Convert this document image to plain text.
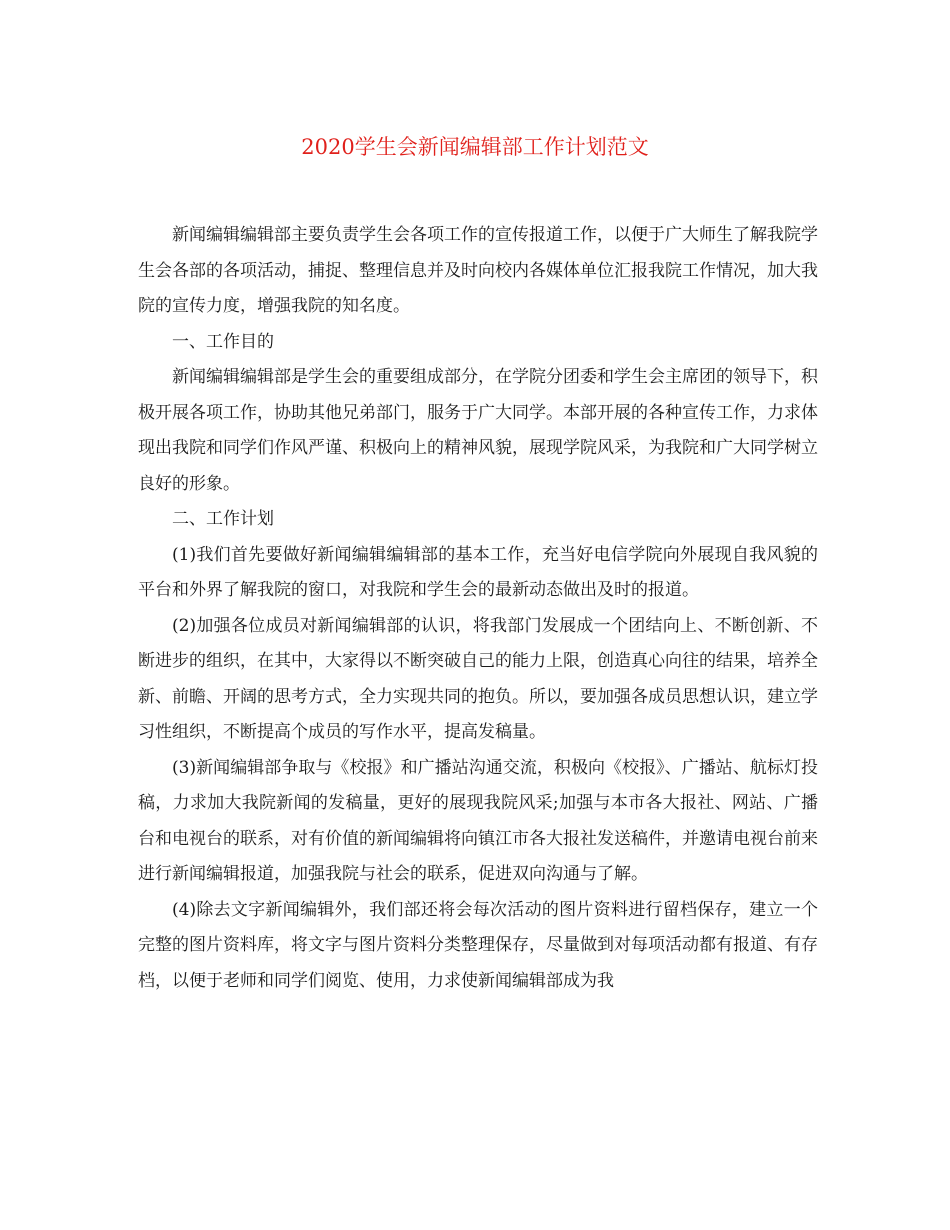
2020学生会新闻编辑部工作计划范文

新闻编辑编辑部主要负责学生会各项工作的宣传报道工作，以便于广大师生了解我院学生会各部的各项活动，捕捉、整理信息并及时向校内各媒体单位汇报我院工作情况，加大我院的宣传力度，增强我院的知名度。

一、工作目的

新闻编辑编辑部是学生会的重要组成部分，在学院分团委和学生会主席团的领导下，积极开展各项工作，协助其他兄弟部门，服务于广大同学。本部开展的各种宣传工作，力求体现出我院和同学们作风严谨、积极向上的精神风貌，展现学院风采，为我院和广大同学树立良好的形象。

二、工作计划

(1)我们首先要做好新闻编辑编辑部的基本工作，充当好电信学院向外展现自我风貌的平台和外界了解我院的窗口，对我院和学生会的最新动态做出及时的报道。

(2)加强各位成员对新闻编辑部的认识，将我部门发展成一个团结向上、不断创新、不断进步的组织，在其中，大家得以不断突破自己的能力上限，创造真心向往的结果，培养全新、前瞻、开阔的思考方式，全力实现共同的抱负。所以，要加强各成员思想认识，建立学习性组织，不断提高个成员的写作水平，提高发稿量。

(3)新闻编辑部争取与《校报》和广播站沟通交流，积极向《校报》、广播站、航标灯投稿，力求加大我院新闻的发稿量，更好的展现我院风采;加强与本市各大报社、网站、广播台和电视台的联系，对有价值的新闻编辑将向镇江市各大报社发送稿件，并邀请电视台前来进行新闻编辑报道，加强我院与社会的联系，促进双向沟通与了解。

(4)除去文字新闻编辑外，我们部还将会每次活动的图片资料进行留档保存，建立一个完整的图片资料库，将文字与图片资料分类整理保存，尽量做到对每项活动都有报道、有存档，以便于老师和同学们阅览、使用，力求使新闻编辑部成为我
